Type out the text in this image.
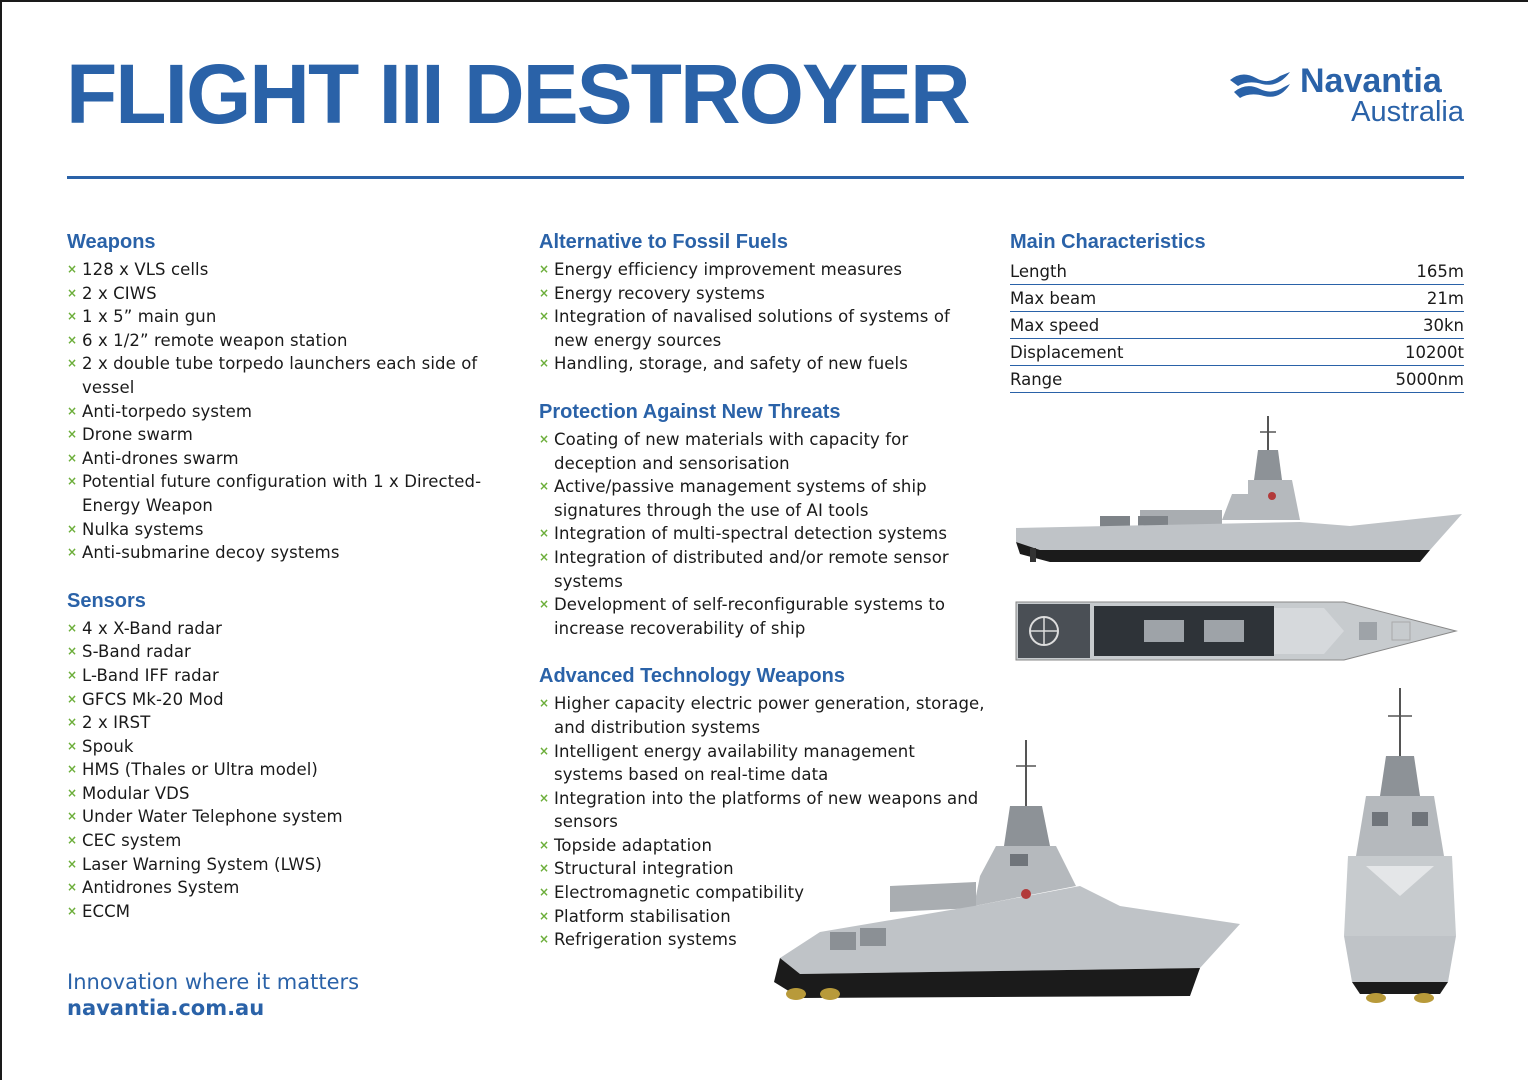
FLIGHT III DESTROYER	Navantia
Australia
Weapons
× 128 x VLS cells
× 2 x CIWS
× 1 x 5” main gun
× 6 x 1/2” remote weapon station
× 2 x double tube torpedo launchers each side of vessel
× Anti-torpedo system
× Drone swarm
× Anti-drones swarm
× Potential future configuration with 1 x Directed-Energy Weapon
× Nulka systems
× Anti-submarine decoy systems
Sensors
× 4 x X-Band radar
× S-Band radar
× L-Band IFF radar
× GFCS Mk-20 Mod
× 2 x IRST
× Spouk
× HMS (Thales or Ultra model)
× Modular VDS
× Under Water Telephone system
× CEC system
× Laser Warning System (LWS)
× Antidrones System
× ECCM
Alternative to Fossil Fuels
× Energy efficiency improvement measures
× Energy recovery systems
× Integration of navalised solutions of systems of new energy sources
× Handling, storage, and safety of new fuels
Protection Against New Threats
× Coating of new materials with capacity for deception and sensorisation
× Active/passive management systems of ship signatures through the use of AI tools
× Integration of multi-spectral detection systems
× Integration of distributed and/or remote sensor systems
× Development of self-reconfigurable systems to increase recoverability of ship
Advanced Technology Weapons
× Higher capacity electric power generation, storage, and distribution systems
× Intelligent energy availability management systems based on real-time data
× Integration into the platforms of new weapons and sensors
× Topside adaptation
× Structural integration
× Electromagnetic compatibility
× Platform stabilisation
× Refrigeration systems
Main Characteristics
Length	165m
Max beam	21m
Max speed	30kn
Displacement	10200t
Range	5000nm
Innovation where it matters
navantia.com.au
